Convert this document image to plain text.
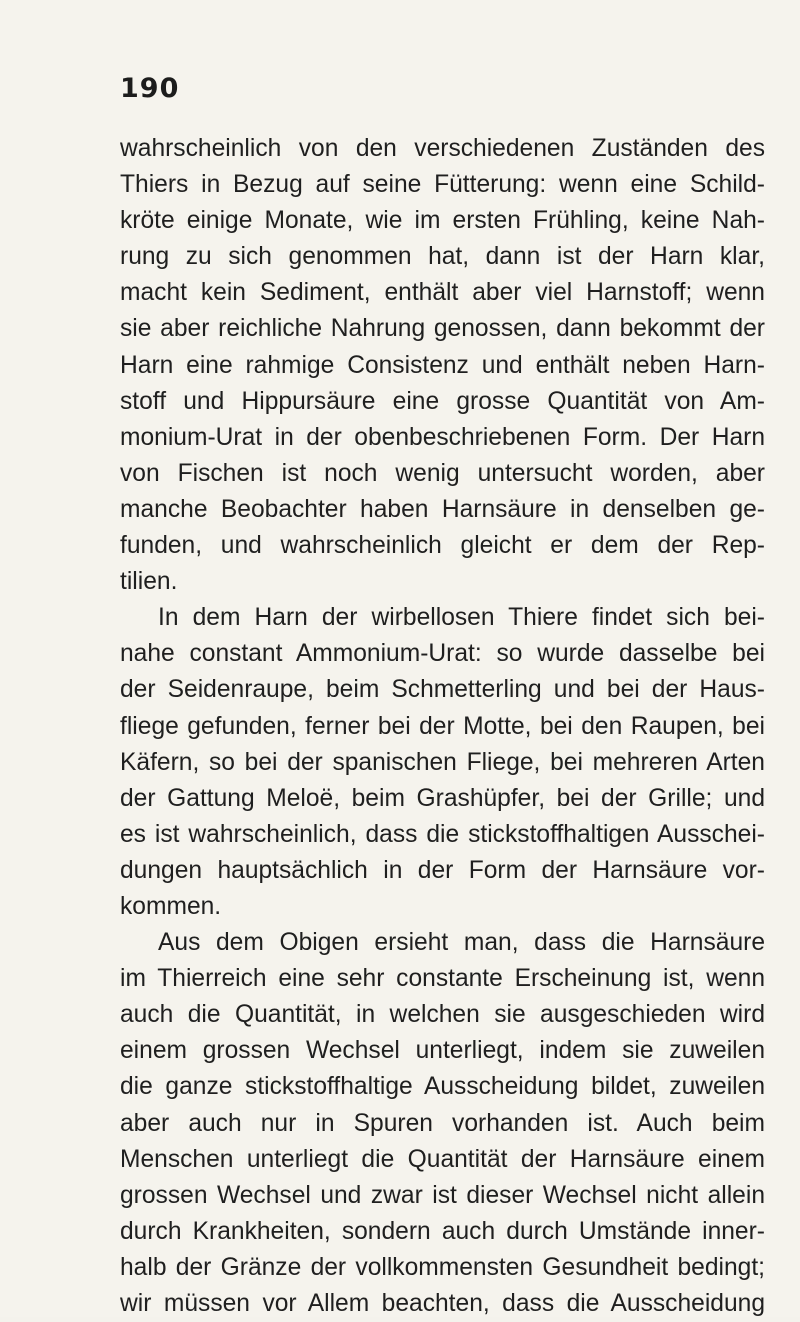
190
wahrscheinlich von den verschiedenen Zuständen des
Thiers in Bezug auf seine Fütterung: wenn eine Schild-
kröte einige Monate, wie im ersten Frühling, keine Nah-
rung zu sich genommen hat, dann ist der Harn klar,
macht kein Sediment, enthält aber viel Harnstoff; wenn
sie aber reichliche Nahrung genossen, dann bekommt der
Harn eine rahmige Consistenz und enthält neben Harn-
stoff und Hippursäure eine grosse Quantität von Am-
monium-Urat in der obenbeschriebenen Form. Der Harn
von Fischen ist noch wenig untersucht worden, aber
manche Beobachter haben Harnsäure in denselben ge-
funden, und wahrscheinlich gleicht er dem der Rep-
tilien.
In dem Harn der wirbellosen Thiere findet sich bei-
nahe constant Ammonium-Urat: so wurde dasselbe bei
der Seidenraupe, beim Schmetterling und bei der Haus-
fliege gefunden, ferner bei der Motte, bei den Raupen, bei
Käfern, so bei der spanischen Fliege, bei mehreren Arten
der Gattung Meloë, beim Grashüpfer, bei der Grille; und
es ist wahrscheinlich, dass die stickstoffhaltigen Ausschei-
dungen hauptsächlich in der Form der Harnsäure vor-
kommen.
Aus dem Obigen ersieht man, dass die Harnsäure
im Thierreich eine sehr constante Erscheinung ist, wenn
auch die Quantität, in welchen sie ausgeschieden wird
einem grossen Wechsel unterliegt, indem sie zuweilen
die ganze stickstoffhaltige Ausscheidung bildet, zuweilen
aber auch nur in Spuren vorhanden ist. Auch beim
Menschen unterliegt die Quantität der Harnsäure einem
grossen Wechsel und zwar ist dieser Wechsel nicht allein
durch Krankheiten, sondern auch durch Umstände inner-
halb der Gränze der vollkommensten Gesundheit bedingt;
wir müssen vor Allem beachten, dass die Ausscheidung
